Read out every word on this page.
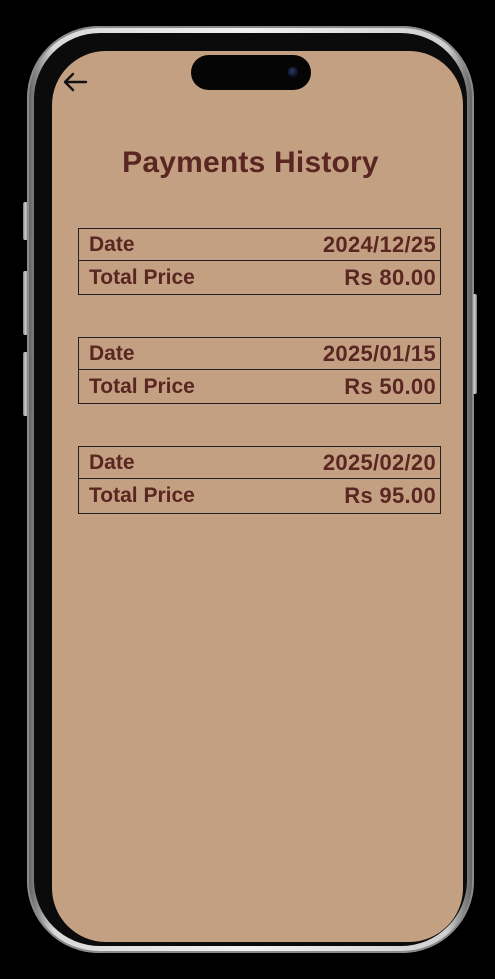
Payments History
Date	2024/12/25
Total Price	Rs 80.00
Date	2025/01/15
Total Price	Rs 50.00
Date	2025/02/20
Total Price	Rs 95.00
